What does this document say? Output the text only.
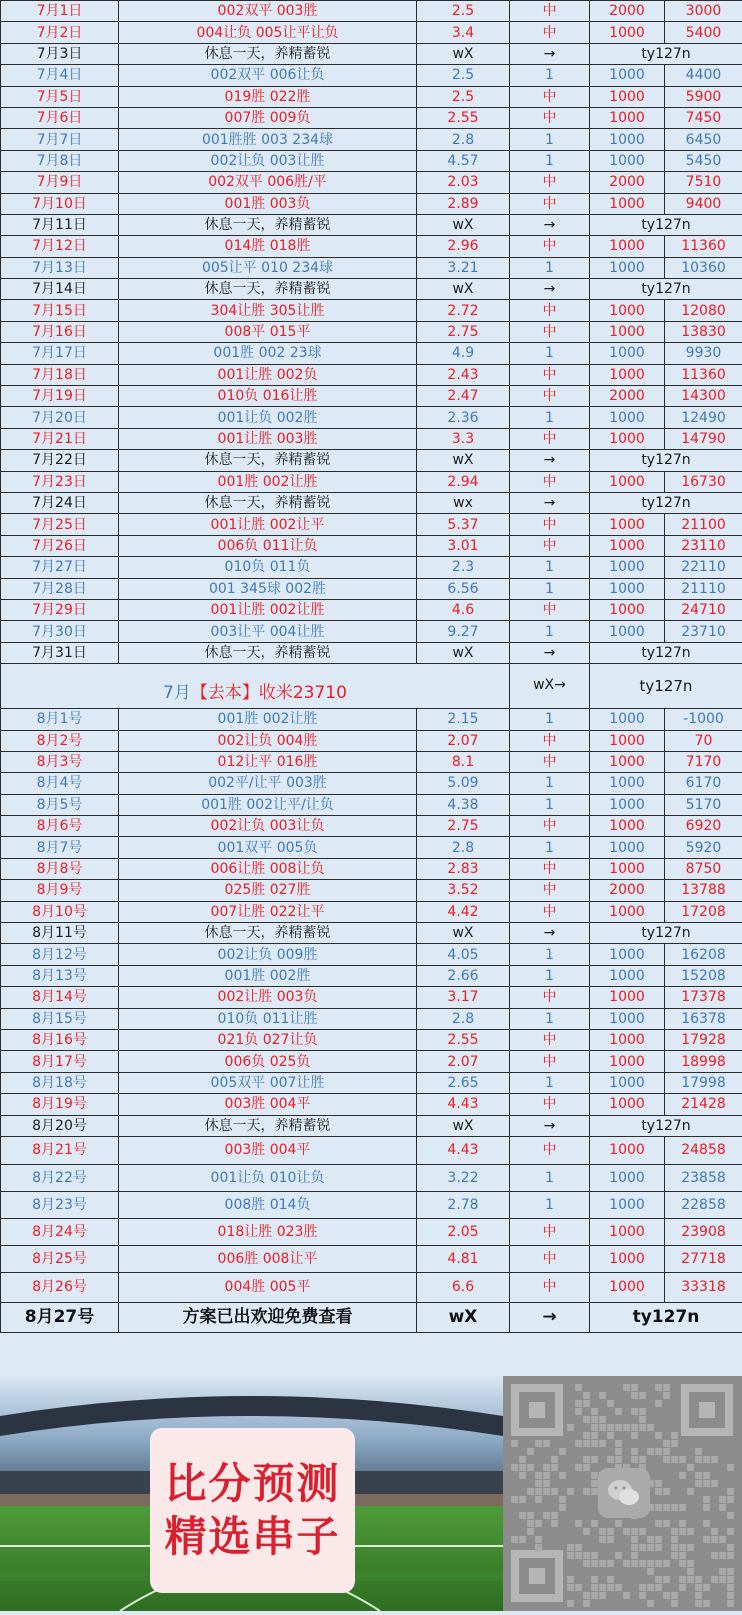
7月1日	002双平 003胜	2.5	中	2000	3000
7月2日	004让负 005让平让负	3.4	中	1000	5400
7月3日	休息一天，养精蓄锐	wX	→	ty127n	
7月4日	002双平 006让负	2.5	1	1000	4400
7月5日	019胜 022胜	2.5	中	1000	5900
7月6日	007胜 009负	2.55	中	1000	7450
7月7日	001胜胜 003 234球	2.8	1	1000	6450
7月8日	002让负 003让胜	4.57	1	1000	5450
7月9日	002双平 006胜/平	2.03	中	2000	7510
7月10日	001胜 003负	2.89	中	1000	9400
7月11日	休息一天，养精蓄锐	wX	→	ty127n	
7月12日	014胜 018胜	2.96	中	1000	11360
7月13日	005让平 010 234球	3.21	1	1000	10360
7月14日	休息一天，养精蓄锐	wX	→	ty127n	
7月15日	304让胜 305让胜	2.72	中	1000	12080
7月16日	008平 015平	2.75	中	1000	13830
7月17日	001胜 002 23球	4.9	1	1000	9930
7月18日	001让胜 002负	2.43	中	1000	11360
7月19日	010负 016让胜	2.47	中	2000	14300
7月20日	001让负 002胜	2.36	1	1000	12490
7月21日	001让胜 003胜	3.3	中	1000	14790
7月22日	休息一天，养精蓄锐	wX	→	ty127n	
7月23日	001胜 002让胜	2.94	中	1000	16730
7月24日	休息一天，养精蓄锐	wx	→	ty127n	
7月25日	001让胜 002让平	5.37	中	1000	21100
7月26日	006负 011让负	3.01	中	1000	23110
7月27日	010负 011负	2.3	1	1000	22110
7月28日	001 345球 002胜	6.56	1	1000	21110
7月29日	001让胜 002让胜	4.6	中	1000	24710
7月30日	003让平 004让胜	9.27	1	1000	23710
7月31日	休息一天，养精蓄锐	wX	→	ty127n	
7月【去本】收米23710			wX→	ty127n	
8月1号	001胜 002让胜	2.15	1	1000	-1000
8月2号	002让负 004胜	2.07	中	1000	70
8月3号	012让平 016胜	8.1	中	1000	7170
8月4号	002平/让平 003胜	5.09	1	1000	6170
8月5号	001胜 002让平/让负	4.38	1	1000	5170
8月6号	002让负 003让负	2.75	中	1000	6920
8月7号	001双平 005负	2.8	1	1000	5920
8月8号	006让胜 008让负	2.83	中	1000	8750
8月9号	025胜 027胜	3.52	中	2000	13788
8月10号	007让胜 022让平	4.42	中	1000	17208
8月11号	休息一天，养精蓄锐	wX	→	ty127n	
8月12号	002让负 009胜	4.05	1	1000	16208
8月13号	001胜 002胜	2.66	1	1000	15208
8月14号	002让胜 003负	3.17	中	1000	17378
8月15号	010负 011让胜	2.8	1	1000	16378
8月16号	021负 027让负	2.55	中	1000	17928
8月17号	006负 025负	2.07	中	1000	18998
8月18号	005双平 007让胜	2.65	1	1000	17998
8月19号	003胜 004平	4.43	中	1000	21428
8月20号	休息一天，养精蓄锐	wX	→	ty127n	
8月21号	003胜 004平	4.43	中	1000	24858
8月22号	001让负 010让负	3.22	1	1000	23858
8月23号	008胜 014负	2.78	1	1000	22858
8月24号	018让胜 023胜	2.05	中	1000	23908
8月25号	006胜 008让平	4.81	中	1000	27718
8月26号	004胜 005平	6.6	中	1000	33318
8月27号	方案已出欢迎免费查看	wX	→	ty127n	
比分预测
精选串子
